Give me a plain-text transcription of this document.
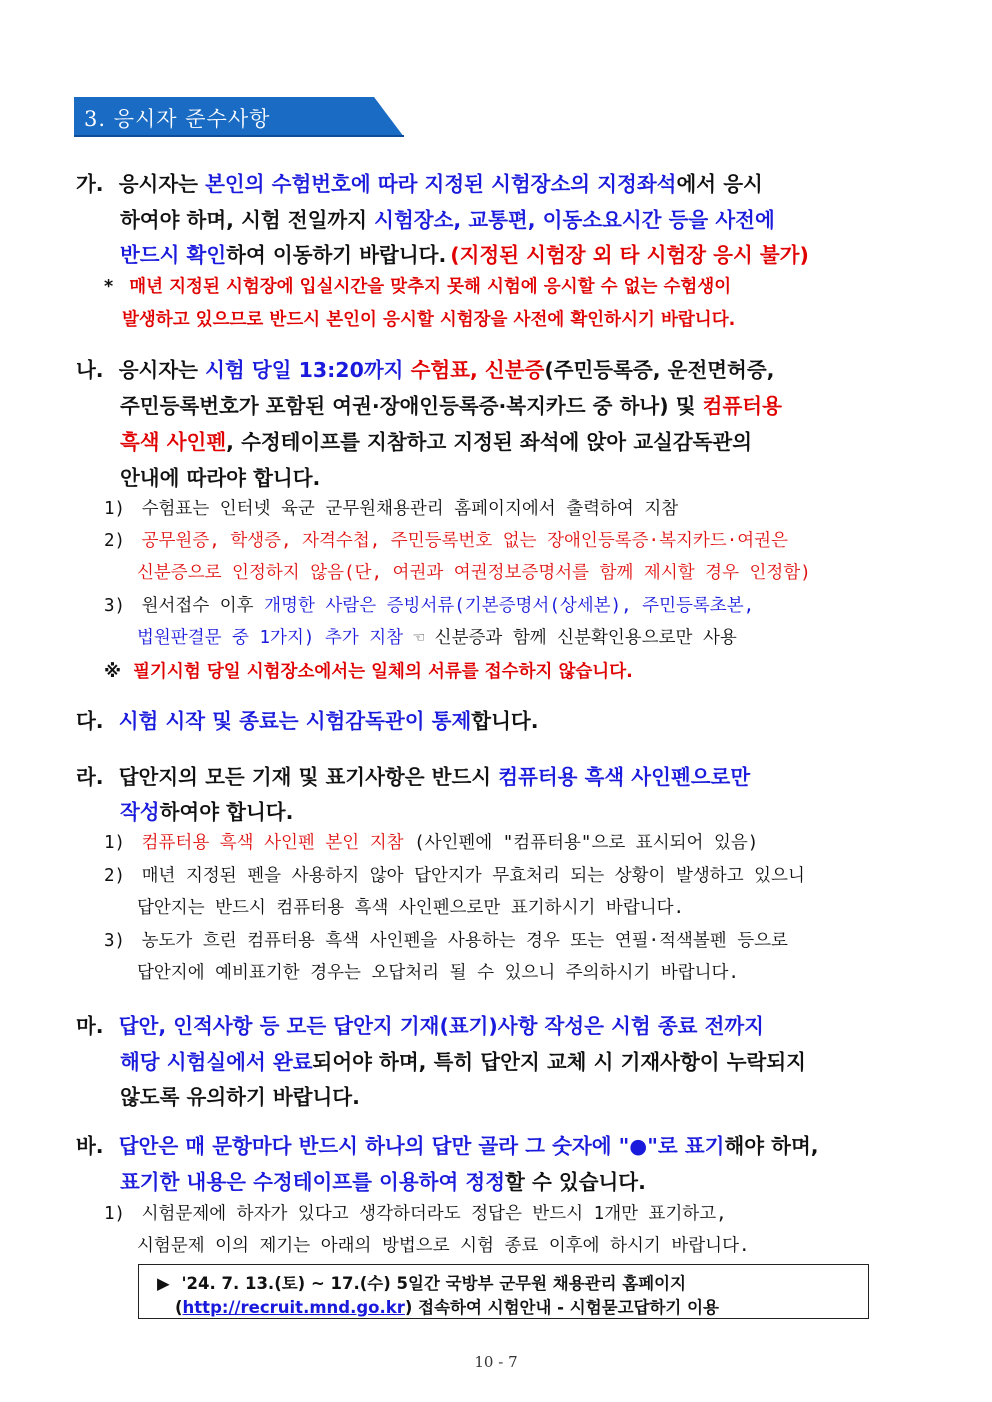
3. 응시자 준수사항
가. 응시자는 본인의 수험번호에 따라 지정된 시험장소의 지정좌석에서 응시
하여야 하며, 시험 전일까지 시험장소, 교통편, 이동소요시간 등을 사전에
반드시 확인하여 이동하기 바랍니다. (지정된 시험장 외 타 시험장 응시 불가)
* 매년 지정된 시험장에 입실시간을 맞추지 못해 시험에 응시할 수 없는 수험생이
발생하고 있으므로 반드시 본인이 응시할 시험장을 사전에 확인하시기 바랍니다.
나. 응시자는 시험 당일 13:20까지 수험표, 신분증(주민등록증, 운전면허증,
주민등록번호가 포함된 여권·장애인등록증·복지카드 중 하나) 및 컴퓨터용
흑색 사인펜, 수정테이프를 지참하고 지정된 좌석에 앉아 교실감독관의
안내에 따라야 합니다.
1) 수험표는 인터넷 육군 군무원채용관리 홈페이지에서 출력하여 지참
2) 공무원증, 학생증, 자격수첩, 주민등록번호 없는 장애인등록증·복지카드·여권은
신분증으로 인정하지 않음(단, 여권과 여권정보증명서를 함께 제시할 경우 인정함)
3) 원서접수 이후 개명한 사람은 증빙서류(기본증명서(상세본), 주민등록초본,
법원판결문 중 1가지) 추가 지참 ☜ 신분증과 함께 신분확인용으로만 사용
※ 필기시험 당일 시험장소에서는 일체의 서류를 접수하지 않습니다.
다. 시험 시작 및 종료는 시험감독관이 통제합니다.
라. 답안지의 모든 기재 및 표기사항은 반드시 컴퓨터용 흑색 사인펜으로만
작성하여야 합니다.
1) 컴퓨터용 흑색 사인펜 본인 지참 (사인펜에 "컴퓨터용"으로 표시되어 있음)
2) 매년 지정된 펜을 사용하지 않아 답안지가 무효처리 되는 상황이 발생하고 있으니
답안지는 반드시 컴퓨터용 흑색 사인펜으로만 표기하시기 바랍니다.
3) 농도가 흐린 컴퓨터용 흑색 사인펜을 사용하는 경우 또는 연필·적색볼펜 등으로
답안지에 예비표기한 경우는 오답처리 될 수 있으니 주의하시기 바랍니다.
마. 답안, 인적사항 등 모든 답안지 기재(표기)사항 작성은 시험 종료 전까지
해당 시험실에서 완료되어야 하며, 특히 답안지 교체 시 기재사항이 누락되지
않도록 유의하기 바랍니다.
바. 답안은 매 문항마다 반드시 하나의 답만 골라 그 숫자에 "●"로 표기해야 하며,
표기한 내용은 수정테이프를 이용하여 정정할 수 있습니다.
1) 시험문제에 하자가 있다고 생각하더라도 정답은 반드시 1개만 표기하고,
시험문제 이의 제기는 아래의 방법으로 시험 종료 이후에 하시기 바랍니다.
▶ '24. 7. 13.(토) ~ 17.(수) 5일간 국방부 군무원 채용관리 홈페이지
(http://recruit.mnd.go.kr) 접속하여 시험안내 - 시험묻고답하기 이용
10 - 7
